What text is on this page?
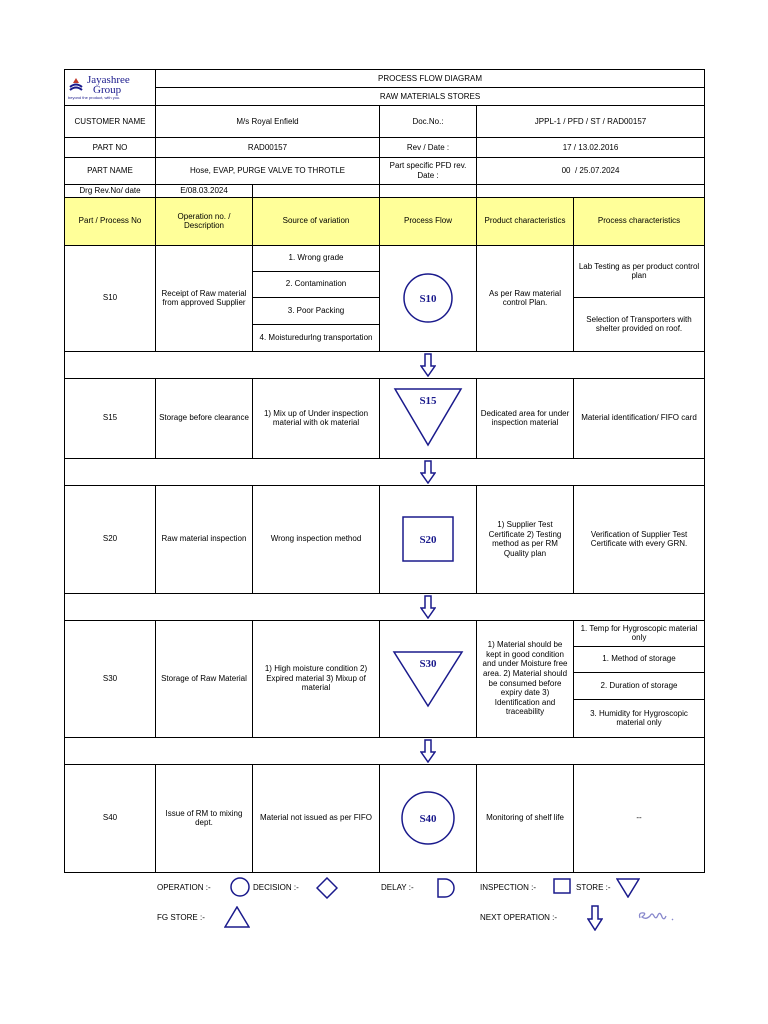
Jayashree
Group
beyond the product, with you.	PROCESS FLOW DIAGRAM				
	RAW MATERIALS STORES				
CUSTOMER NAME	M/s Royal Enfield		Doc.No.:	JPPL-1 / PFD / ST / RAD00157	
PART NO	RAD00157		Rev / Date :	17 / 13.02.2016	
PART NAME	Hose, EVAP, PURGE VALVE TO THROTLE		Part specific PFD rev. Date :	00 / 25.07.2024	
Drg Rev.No/ date	E/08.03.2024				
Part / Process No	Operation no. / Description	Source of variation	Process Flow	Product characteristics	Process characteristics
S10	Receipt of Raw material from approved Supplier	1. Wrong grade	S10	As per Raw material control Plan.	Lab Testing as per product control plan
		2. Contamination			
		3. Poor Packing			Selection of Transporters with shelter provided on roof.
		4. Moisturedurlng transportation			

S15	Storage before clearance	1) Mix up of Under inspection material with ok material	S15	Dedicated area for under inspection material	Material identification/ FIFO card

S20	Raw material inspection	Wrong inspection method	S20	1) Supplier Test Certificate 2) Testing method as per RM Quality plan	Verification of Supplier Test Certificate with every GRN.

S30	Storage of Raw Material	1) High moisture condition 2) Expired material 3) Mixup of material	S30	1) Material should be kept in good condition and under Moisture free area. 2) Material should be consumed before expiry date 3) Identification and traceability	1. Temp for Hygroscopic material only
					1. Method of storage
					2. Duration of storage
					3. Humidity for Hygroscopic material only

S40	Issue of RM to mixing dept.	Material not issued as per FIFO	S40	Monitoring of shelf life	--
OPERATION :-	DECISION :-	DELAY :-	INSPECTION :-	STORE :-
FG STORE :-	NEXT OPERATION :-
